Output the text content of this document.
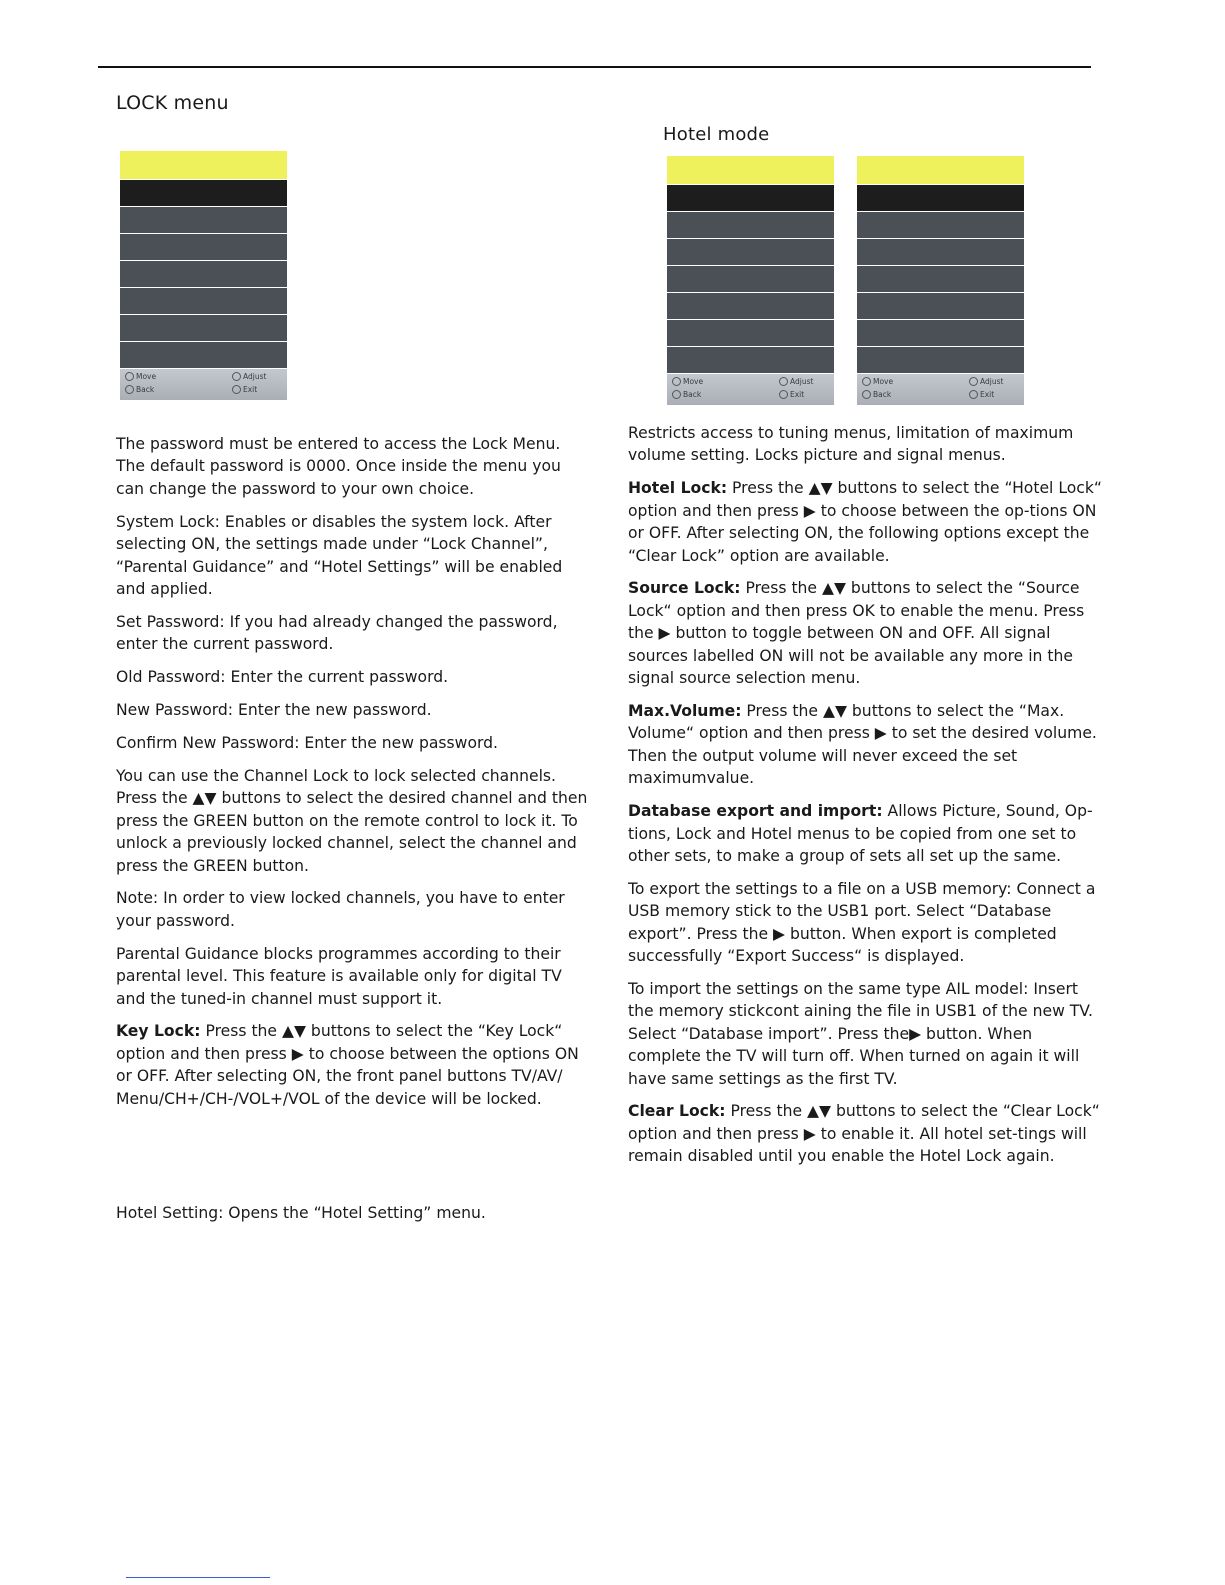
LOCK menu
Hotel mode
Move
Back
Adjust
Exit
Move
Back
Adjust
Exit
Move
Back
Adjust
Exit

The password must be entered to access the Lock Menu. The default password is 0000. Once inside the menu you can change the password to your own choice.

System Lock: Enables or disables the system lock. After selecting ON, the settings made under “Lock Channel”, “Parental Guidance” and “Hotel Settings” will be enabled and applied.

Set Password: If you had already changed the password, enter the current password.

Old Password: Enter the current password.

New Password: Enter the new password.

Confirm New Password: Enter the new password.

You can use the Channel Lock to lock selected channels. Press the ▲▼ buttons to select the desired channel and then press the GREEN button on the remote control to lock it. To unlock a previously locked channel, select the channel and press the GREEN button.

Note: In order to view locked channels, you have to enter your password.

Parental Guidance blocks programmes according to their parental level. This feature is available only for digital TV and the tuned-in channel must support it.

Key Lock: Press the ▲▼ buttons to select the “Key Lock“ option and then press ▶ to choose between the options ON or OFF. After selecting ON, the front panel buttons TV/AV/ Menu/CH+/CH-/VOL+/VOL of the device will be locked.

Hotel Setting: Opens the “Hotel Setting” menu.

Restricts access to tuning menus, limitation of maximum volume setting. Locks picture and signal menus.

Hotel Lock: Press the ▲▼ buttons to select the “Hotel Lock“ option and then press ▶ to choose between the op-tions ON or OFF. After selecting ON, the following options except the “Clear Lock” option are available.

Source Lock: Press the ▲▼ buttons to select the “Source Lock“ option and then press OK to enable the menu. Press the ▶ button to toggle between ON and OFF. All signal sources labelled ON will not be available any more in the signal source selection menu.

Max.Volume: Press the ▲▼ buttons to select the “Max. Volume“ option and then press ▶ to set the desired volume. Then the output volume will never exceed the set maximumvalue.

Database export and import: Allows Picture, Sound, Op-tions, Lock and Hotel menus to be copied from one set to other sets, to make a group of sets all set up the same.

To export the settings to a file on a USB memory: Connect a USB memory stick to the USB1 port. Select “Database export”. Press the ▶ button. When export is completed successfully “Export Success“ is displayed.

To import the settings on the same type AIL model: Insert the memory stickcont aining the file in USB1 of the new TV. Select “Database import”. Press the▶ button. When complete the TV will turn off. When turned on again it will have same settings as the first TV.

Clear Lock: Press the ▲▼ buttons to select the “Clear Lock“ option and then press ▶ to enable it. All hotel set-tings will remain disabled until you enable the Hotel Lock again.
